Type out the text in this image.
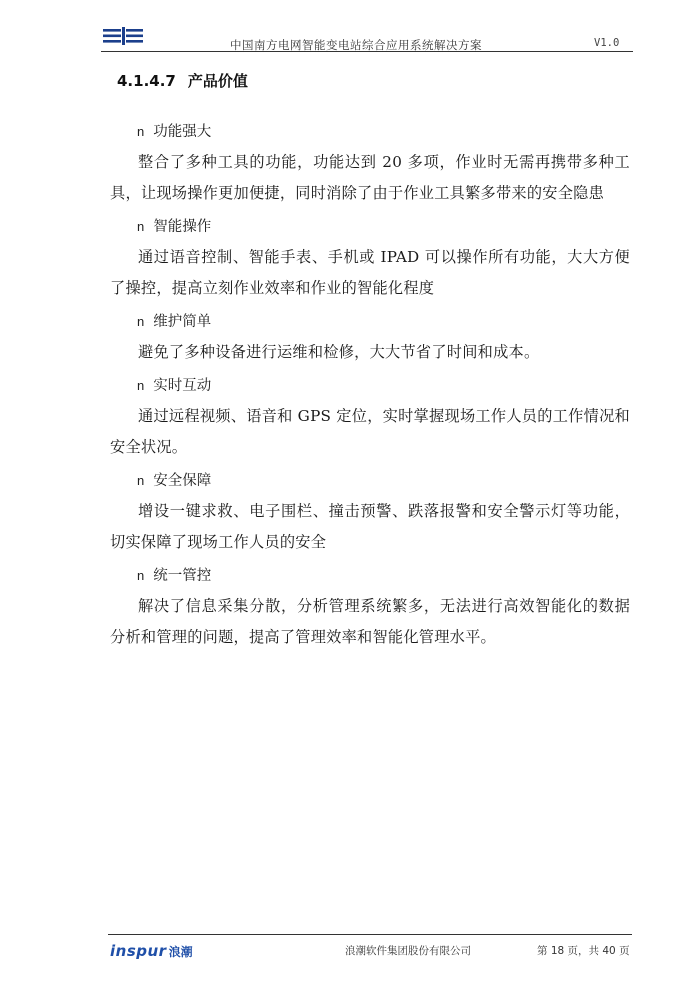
中国南方电网智能变电站综合应用系统解决方案	V1.0
4.1.4.7 产品价值
n 功能强大
整合了多种工具的功能，功能达到 20 多项，作业时无需再携带多种工具，让现场操作更加便捷，同时消除了由于作业工具繁多带来的安全隐患
n 智能操作
通过语音控制、智能手表、手机或 IPAD 可以操作所有功能，大大方便了操控，提高立刻作业效率和作业的智能化程度
n 维护简单
避免了多种设备进行运维和检修，大大节省了时间和成本。
n 实时互动
通过远程视频、语音和 GPS 定位，实时掌握现场工作人员的工作情况和安全状况。
n 安全保障
增设一键求救、电子围栏、撞击预警、跌落报警和安全警示灯等功能，切实保障了现场工作人员的安全
n 统一管控
解决了信息采集分散，分析管理系统繁多，无法进行高效智能化的数据分析和管理的问题，提高了管理效率和智能化管理水平。
inspur 浪潮	浪潮软件集团股份有限公司	第 18 页，共 40 页
